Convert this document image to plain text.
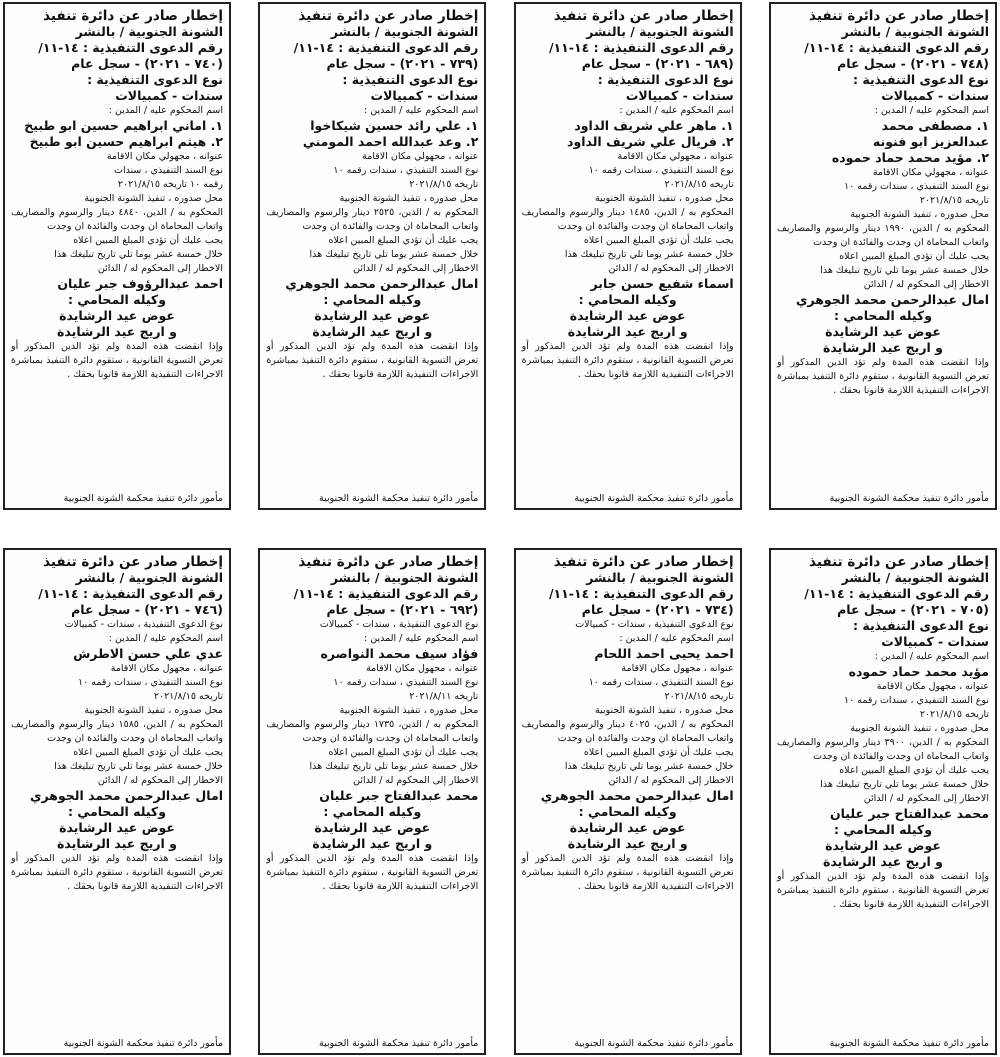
إخطار صادر عن دائرة تنفيذ

الشونة الجنوبية / بالنشر

رقم الدعوى التنفيذية : ١٤-١١/

(٧٤٨ - ٢٠٢١) - سجل عام

نوع الدعوى التنفيذية :

سندات - كمبيالات

اسم المحكوم عليه / المدين :

١. مصطفى محمد

عبدالعزيز ابو فنونه

٢. مؤيد محمد حماد حموده

عنوانه ، مجهولي مكان الاقامة

نوع السند التنفيذي ، سندات رقمه ١٠

تاريخه ٢٠٢١/٨/١٥

محل صدوره ، تنفيذ الشونة الجنوبية

المحكوم به / الدين، ١٩٩٠ دينار والرسوم والمصاريف واتعاب المحاماة ان وجدت والفائدة ان وجدت

يجب عليك أن تؤدي المبلغ المبين اعلاه

خلال خمسة عشر يوما تلي تاريخ تبليغك هذا

الاخطار إلى المحكوم له / الدائن

امال عبدالرحمن محمد الجوهري

وكيله المحامي :

عوض عيد الرشايدة

و اريج عيد الرشايدة

وإذا انقضت هذه المدة ولم تؤد الدين المذكور أو تعرض التسوية القانونية ، ستقوم دائرة التنفيذ بمباشرة الاجراءات التنفيذية اللازمة قانونا بحقك .

مأمور دائرة تنفيذ محكمة الشونة الجنوبية

إخطار صادر عن دائرة تنفيذ

الشونة الجنوبية / بالنشر

رقم الدعوى التنفيذية : ١٤-١١/

(٦٨٩ - ٢٠٢١) - سجل عام

نوع الدعوى التنفيذية :

سندات - كمبيالات

اسم المحكوم عليه / المدين :

١. ماهر علي شريف الداود

٢. فريال علي شريف الداود

عنوانه ، مجهولي مكان الاقامة

نوع السند التنفيذي ، سندات رقمه ١٠

تاريخه ٢٠٢١/٨/١٥

محل صدوره ، تنفيذ الشونة الجنوبية

المحكوم به / الدين، ١٤٨٥ دينار والرسوم والمصاريف واتعاب المحاماة ان وجدت والفائدة ان وجدت

يجب عليك أن تؤدي المبلغ المبين اعلاه

خلال خمسة عشر يوما تلي تاريخ تبليغك هذا

الاخطار إلى المحكوم له / الدائن

اسماء شفيع حسن جابر

وكيله المحامي :

عوض عيد الرشايدة

و اريج عيد الرشايدة

وإذا انقضت هذه المدة ولم تؤد الدين المذكور أو تعرض التسوية القانونية ، ستقوم دائرة التنفيذ بمباشرة الاجراءات التنفيذية اللازمة قانونا بحقك .

مأمور دائرة تنفيذ محكمة الشونة الجنوبية

إخطار صادر عن دائرة تنفيذ

الشونة الجنوبية / بالنشر

رقم الدعوى التنفيذية : ١٤-١١/

(٧٣٩ - ٢٠٢١) - سجل عام

نوع الدعوى التنفيذية :

سندات - كمبيالات

اسم المحكوم عليه / المدين :

١. علي رائد حسين شيكاخوا

٢. وعد عبدالله احمد المومني

عنوانه ، مجهولي مكان الاقامة

نوع السند التنفيذي ، سندات رقمه ١٠

تاريخه ٢٠٢١/٨/١٥

محل صدوره ، تنفيذ الشونة الجنوبية

المحكوم به / الدين، ٢٥٢٥ دينار والرسوم والمصاريف واتعاب المحاماة ان وجدت والفائدة ان وجدت

يجب عليك أن تؤدي المبلغ المبين اعلاه

خلال خمسة عشر يوما تلي تاريخ تبليغك هذا

الاخطار إلى المحكوم له / الدائن

امال عبدالرحمن محمد الجوهري

وكيله المحامي :

عوض عيد الرشايدة

و اريج عيد الرشايدة

وإذا انقضت هذه المدة ولم تؤد الدين المذكور أو تعرض التسوية القانونية ، ستقوم دائرة التنفيذ بمباشرة الاجراءات التنفيذية اللازمة قانونا بحقك .

مأمور دائرة تنفيذ محكمة الشونة الجنوبية

إخطار صادر عن دائرة تنفيذ

الشونة الجنوبية / بالنشر

رقم الدعوى التنفيذية : ١٤-١١/

(٧٤٠ - ٢٠٢١) - سجل عام

نوع الدعوى التنفيذية :

سندات - كمبيالات

اسم المحكوم عليه / المدين :

١. اماني ابراهيم حسين ابو طبيخ

٢. هيثم ابراهيم حسين ابو طبيخ

عنوانه ، مجهولي مكان الاقامة

نوع السند التنفيذي ، سندات

رقمه ١٠ تاريخه ٢٠٢١/٨/١٥

محل صدوره ، تنفيذ الشونة الجنوبية

المحكوم به / الدين، ٤٨٤٠ دينار والرسوم والمصاريف واتعاب المحاماة ان وجدت والفائدة ان وجدت

يجب عليك أن تؤدي المبلغ المبين اعلاه

خلال خمسة عشر يوما تلي تاريخ تبليغك هذا

الاخطار إلى المحكوم له / الدائن

احمد عبدالرؤوف جبر عليان

وكيله المحامي :

عوض عيد الرشايدة

و اريج عيد الرشايدة

وإذا انقضت هذه المدة ولم تؤد الدين المذكور أو تعرض التسوية القانونية ، ستقوم دائرة التنفيذ بمباشرة الاجراءات التنفيذية اللازمة قانونا بحقك .

مأمور دائرة تنفيذ محكمة الشونة الجنوبية

إخطار صادر عن دائرة تنفيذ

الشونة الجنوبية / بالنشر

رقم الدعوى التنفيذية : ١٤-١١/

(٧٠٥ - ٢٠٢١) - سجل عام

نوع الدعوى التنفيذية :

سندات - كمبيالات

اسم المحكوم عليه / المدين :

مؤيد محمد حماد حموده

عنوانه ، مجهول مكان الاقامة

نوع السند التنفيذي ، سندات رقمه ١٠

تاريخه ٢٠٢١/٨/١٥

محل صدوره ، تنفيذ الشونة الجنوبية

المحكوم به / الدين، ٣٩٠٠ دينار والرسوم والمصاريف واتعاب المحاماة ان وجدت والفائدة ان وجدت

يجب عليك أن تؤدي المبلغ المبين اعلاه

خلال خمسة عشر يوما تلي تاريخ تبليغك هذا

الاخطار إلى المحكوم له / الدائن

محمد عبدالفتاح جبر عليان

وكيله المحامي :

عوض عيد الرشايدة

و اريج عيد الرشايدة

وإذا انقضت هذه المدة ولم تؤد الدين المذكور أو تعرض التسوية القانونية ، ستقوم دائرة التنفيذ بمباشرة الاجراءات التنفيذية اللازمة قانونا بحقك .

مأمور دائرة تنفيذ محكمة الشونة الجنوبية

إخطار صادر عن دائرة تنفيذ

الشونة الجنوبية / بالنشر

رقم الدعوى التنفيذية : ١٤-١١/

(٧٣٤ - ٢٠٢١) - سجل عام

نوع الدعوى التنفيذية ، سندات - كمبيالات

اسم المحكوم عليه / المدين :

احمد يحيى احمد اللحام

عنوانه ، مجهول مكان الاقامة

نوع السند التنفيذي ، سندات رقمه ١٠

تاريخه ٢٠٢١/٨/١٥

محل صدوره ، تنفيذ الشونة الجنوبية

المحكوم به / الدين، ٤٠٢٥ دينار والرسوم والمصاريف واتعاب المحاماة ان وجدت والفائدة ان وجدت

يجب عليك أن تؤدي المبلغ المبين اعلاه

خلال خمسة عشر يوما تلي تاريخ تبليغك هذا

الاخطار إلى المحكوم له / الدائن

امال عبدالرحمن محمد الجوهري

وكيله المحامي :

عوض عيد الرشايدة

و اريج عيد الرشايدة

وإذا انقضت هذه المدة ولم تؤد الدين المذكور أو تعرض التسوية القانونية ، ستقوم دائرة التنفيذ بمباشرة الاجراءات التنفيذية اللازمة قانونا بحقك .

مأمور دائرة تنفيذ محكمة الشونة الجنوبية

إخطار صادر عن دائرة تنفيذ

الشونة الجنوبية / بالنشر

رقم الدعوى التنفيذية : ١٤-١١/

(٦٩٢ - ٢٠٢١) - سجل عام

نوع الدعوى التنفيذية ، سندات - كمبيالات

اسم المحكوم عليه / المدين :

فؤاد سيف محمد النواصره

عنوانه ، مجهول مكان الاقامة

نوع السند التنفيذي ، سندات رقمه ١٠

تاريخه ٢٠٢١/٨/١١

محل صدوره ، تنفيذ الشونة الجنوبية

المحكوم به / الدين، ١٧٣٥ دينار والرسوم والمصاريف واتعاب المحاماة ان وجدت والفائدة ان وجدت

يجب عليك أن تؤدي المبلغ المبين اعلاه

خلال خمسة عشر يوما تلي تاريخ تبليغك هذا

الاخطار إلى المحكوم له / الدائن

محمد عبدالفتاح جبر عليان

وكيله المحامي :

عوض عيد الرشايدة

و اريج عيد الرشايدة

وإذا انقضت هذه المدة ولم تؤد الدين المذكور أو تعرض التسوية القانونية ، ستقوم دائرة التنفيذ بمباشرة الاجراءات التنفيذية اللازمة قانونا بحقك .

مأمور دائرة تنفيذ محكمة الشونة الجنوبية

إخطار صادر عن دائرة تنفيذ

الشونة الجنوبية / بالنشر

رقم الدعوى التنفيذية : ١٤-١١/

(٧٤٦ - ٢٠٢١) - سجل عام

نوع الدعوى التنفيذية ، سندات - كمبيالات

اسم المحكوم عليه / المدين :

عدي علي حسن الاطرش

عنوانه ، مجهول مكان الاقامة

نوع السند التنفيذي ، سندات رقمه ١٠

تاريخه ٢٠٢١/٨/١٥

محل صدوره ، تنفيذ الشونة الجنوبية

المحكوم به / الدين، ١٥٨٥ دينار والرسوم والمصاريف واتعاب المحاماة ان وجدت والفائدة ان وجدت

يجب عليك أن تؤدي المبلغ المبين اعلاه

خلال خمسة عشر يوما تلي تاريخ تبليغك هذا

الاخطار إلى المحكوم له / الدائن

امال عبدالرحمن محمد الجوهري

وكيله المحامي :

عوض عيد الرشايدة

و اريج عيد الرشايدة

وإذا انقضت هذه المدة ولم تؤد الدين المذكور أو تعرض التسوية القانونية ، ستقوم دائرة التنفيذ بمباشرة الاجراءات التنفيذية اللازمة قانونا بحقك .

مأمور دائرة تنفيذ محكمة الشونة الجنوبية
